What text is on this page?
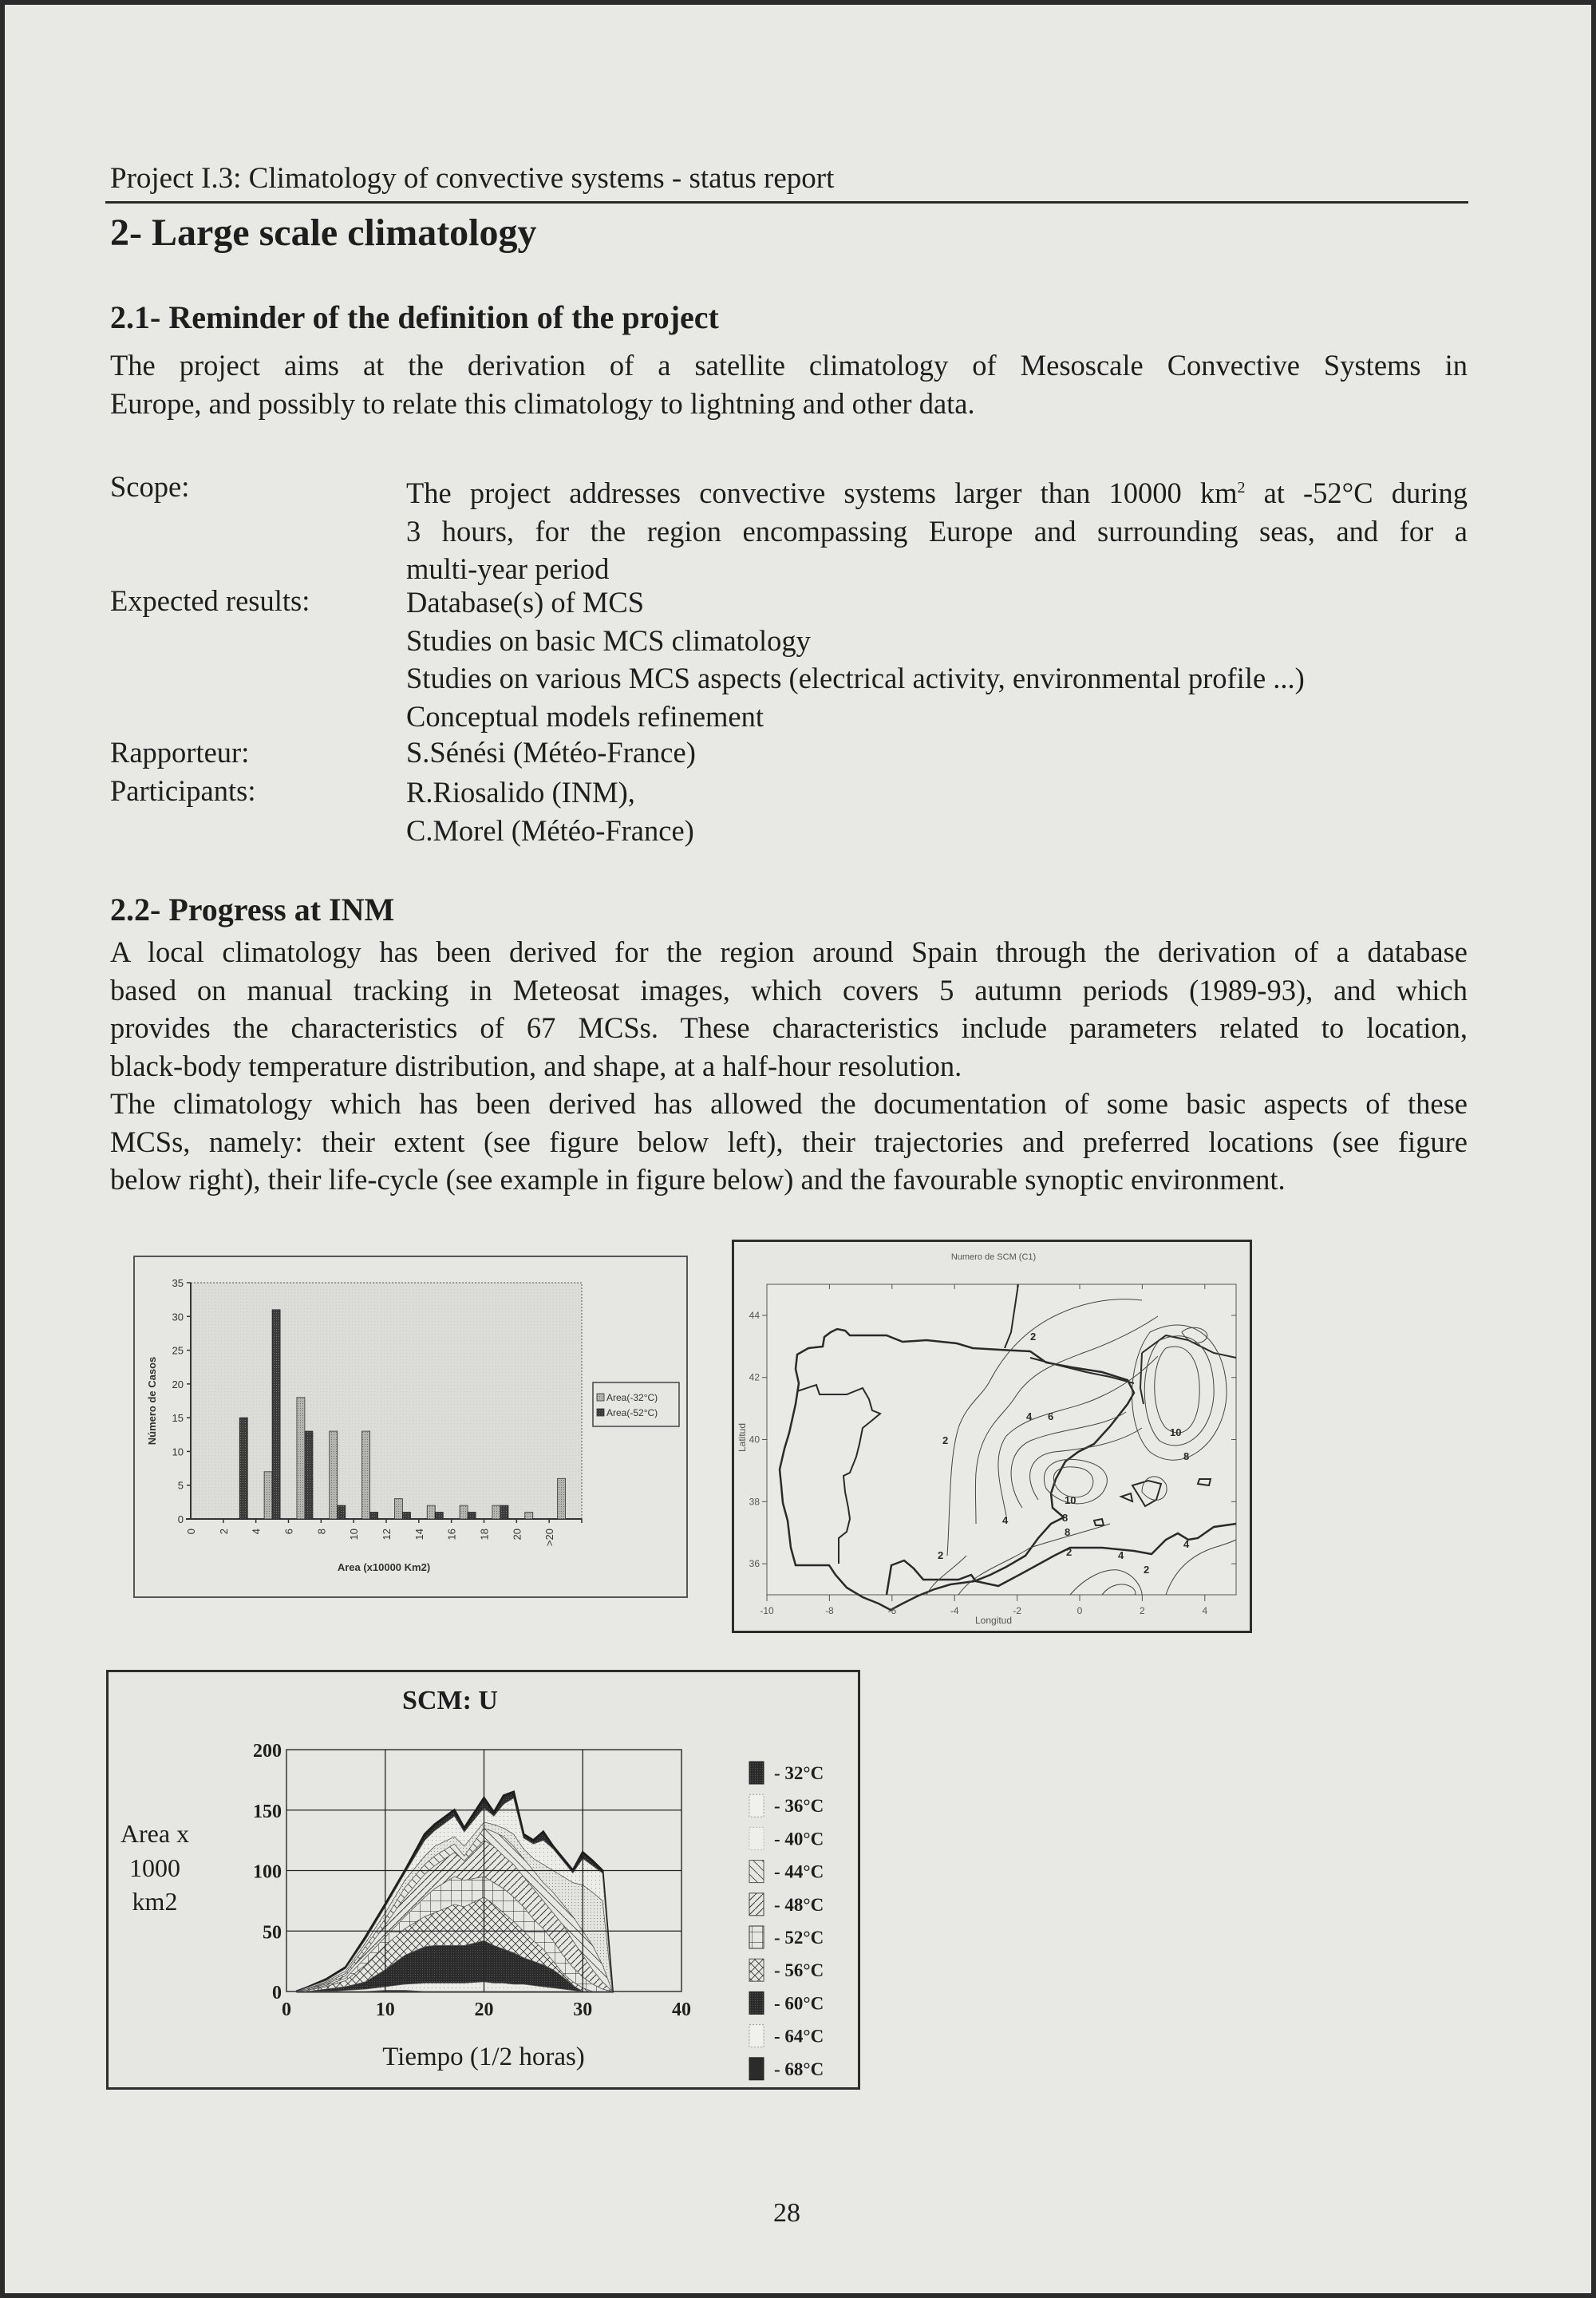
Project I.3: Climatology of convective systems - status report
2- Large scale climatology
2.1- Reminder of the definition of the project
The project aims at the derivation of a satellite climatology of Mesoscale Convective Systems in
Europe, and possibly to relate this climatology to lightning and other data.
Scope:	The project addresses convective systems larger than 10000 $km^2$ at -52°C during
3 hours, for the region encompassing Europe and surrounding seas, and for a
multi-year period
Expected results:	Database(s) of MCS
Studies on basic MCS climatology
Studies on various MCS aspects (electrical activity, environmental profile ...)
Conceptual models refinement
Rapporteur:	S.Sénési (Météo-France)
Participants:	R.Riosalido (INM),
C.Morel (Météo-France)
2.2- Progress at INM
A local climatology has been derived for the region around Spain through the derivation of a database
based on manual tracking in Meteosat images, which covers 5 autumn periods (1989-93), and which
provides the characteristics of 67 MCSs. These characteristics include parameters related to location,
black-body temperature distribution, and shape, at a half-hour resolution.
The climatology which has been derived has allowed the documentation of some basic aspects of these
MCSs, namely: their extent (see figure below left), their trajectories and preferred locations (see figure
below right), their life-cycle (see example in figure below) and the favourable synoptic environment.
0
5
10
15
20
25
30
35
0 2 4 6 8 10 12 14 16 18 20 >20
Número de Casos
Area (x10000 Km2)
Area(-32°C)
Area(-52°C)
Numero de SCM (C1)
2
2
4 6
10
8
10
8
8
4
4
2
2	2	4
-10	-8	-6	-4	-2	0	2	4
36
38
40
42
44
Longitud
Latitud
SCM: U
Area x
1000
km2
0
50
100
150
200
0	10	20	30	40
Tiempo (1/2 horas)
- 32°C
- 36°C
- 40°C
- 44°C
- 48°C
- 52°C
- 56°C
- 60°C
- 64°C
- 68°C
28
